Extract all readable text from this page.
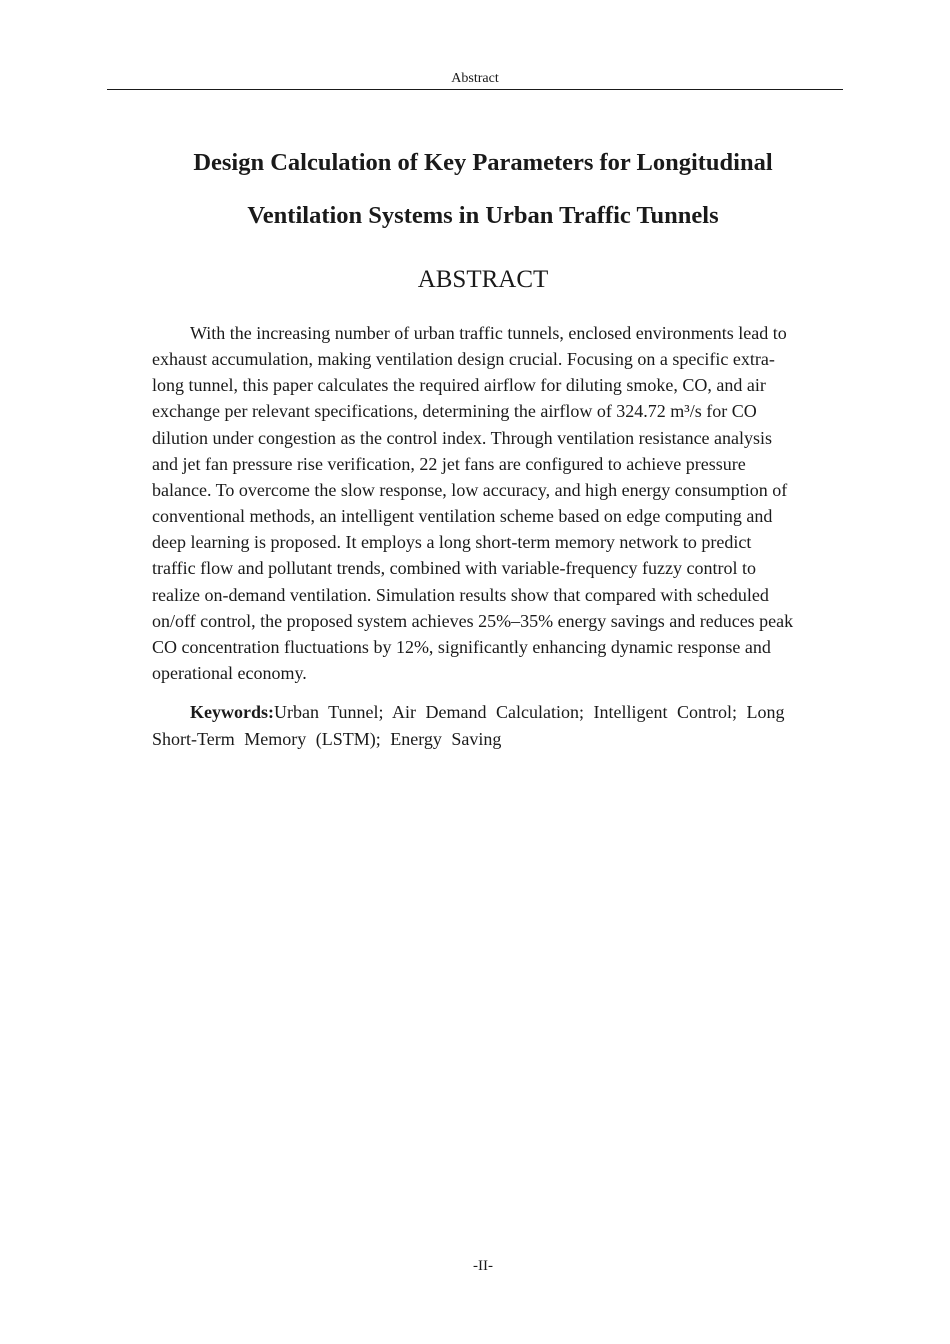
Abstract
Design Calculation of Key Parameters for Longitudinal
Ventilation Systems in Urban Traffic Tunnels
ABSTRACT

With the increasing number of urban traffic tunnels, enclosed environments lead to
exhaust accumulation, making ventilation design crucial. Focusing on a specific extra-
long tunnel, this paper calculates the required airflow for diluting smoke, CO, and air
exchange per relevant specifications, determining the airflow of 324.72 m³/s for CO
dilution under congestion as the control index. Through ventilation resistance analysis
and jet fan pressure rise verification, 22 jet fans are configured to achieve pressure
balance. To overcome the slow response, low accuracy, and high energy consumption of
conventional methods, an intelligent ventilation scheme based on edge computing and
deep learning is proposed. It employs a long short-term memory network to predict
traffic flow and pollutant trends, combined with variable-frequency fuzzy control to
realize on-demand ventilation. Simulation results show that compared with scheduled
on/off control, the proposed system achieves 25%–35% energy savings and reduces peak
CO concentration fluctuations by 12%, significantly enhancing dynamic response and
operational economy.

Keywords:Urban Tunnel; Air Demand Calculation; Intelligent Control; Long
Short-Term Memory (LSTM); Energy Saving

-II-
